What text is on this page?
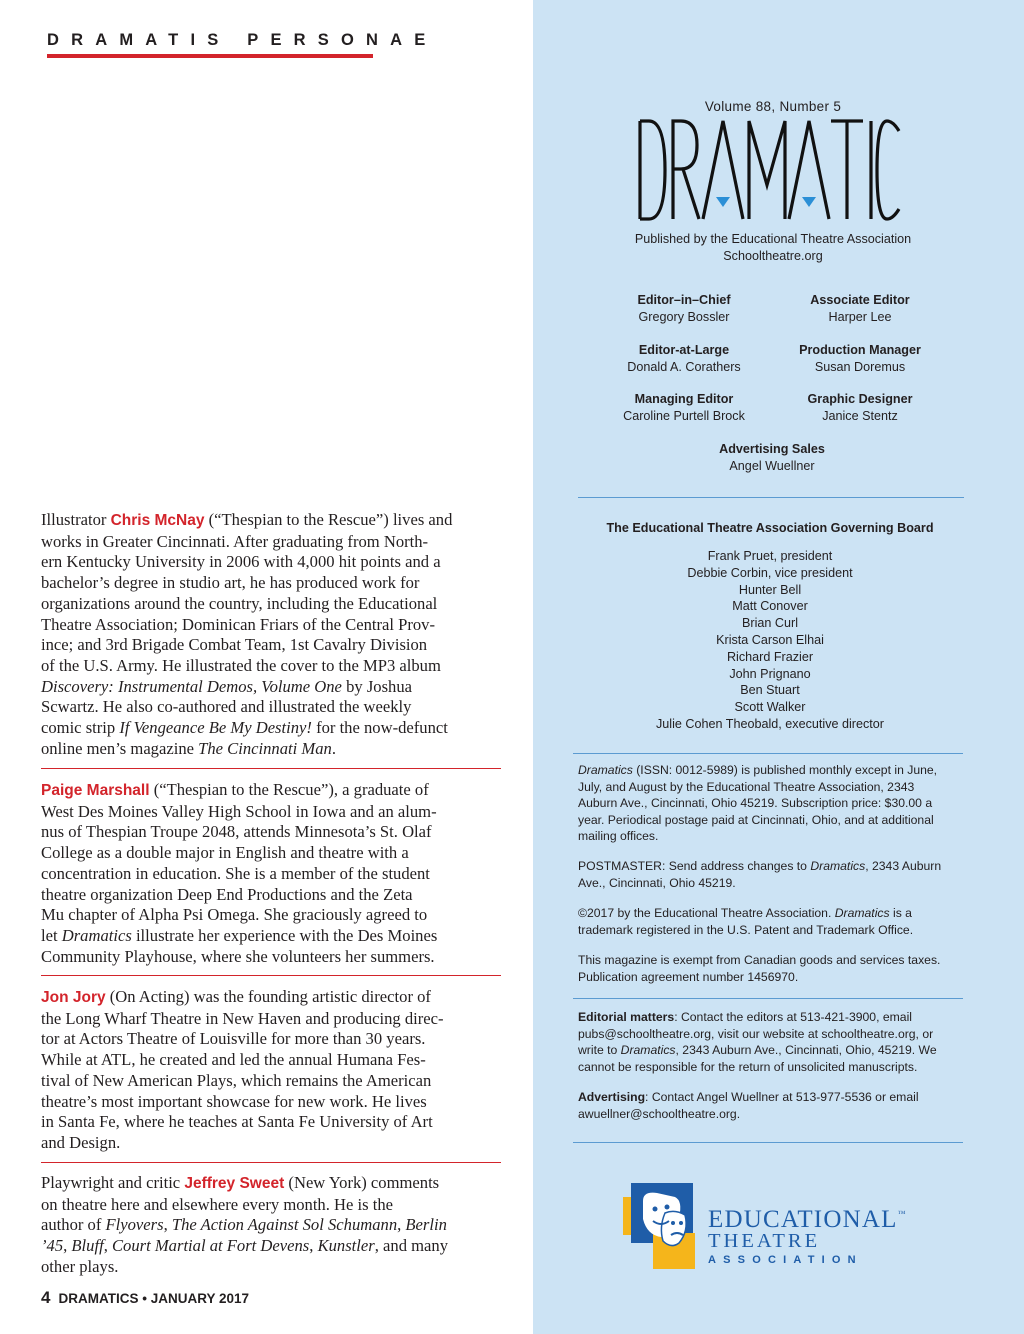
DRAMATIS PERSONAE
Illustrator Chris McNay (“Thespian to the Rescue”) lives and
works in Greater Cincinnati. After graduating from North-
ern Kentucky University in 2006 with 4,000 hit points and a
bachelor’s degree in studio art, he has produced work for
organizations around the country, including the Educational
Theatre Association; Dominican Friars of the Central Prov-
ince; and 3rd Brigade Combat Team, 1st Cavalry Division
of the U.S. Army. He illustrated the cover to the MP3 album
Discovery: Instrumental Demos, Volume One by Joshua
Scwartz. He also co-authored and illustrated the weekly
comic strip If Vengeance Be My Destiny! for the now-defunct
online men’s magazine The Cincinnati Man.
Paige Marshall (“Thespian to the Rescue”), a graduate of
West Des Moines Valley High School in Iowa and an alum-
nus of Thespian Troupe 2048, attends Minnesota’s St. Olaf
College as a double major in English and theatre with a
concentration in education. She is a member of the student
theatre organization Deep End Productions and the Zeta
Mu chapter of Alpha Psi Omega. She graciously agreed to
let Dramatics illustrate her experience with the Des Moines
Community Playhouse, where she volunteers her summers.
Jon Jory (On Acting) was the founding artistic director of
the Long Wharf Theatre in New Haven and producing direc-
tor at Actors Theatre of Louisville for more than 30 years.
While at ATL, he created and led the annual Humana Fes-
tival of New American Plays, which remains the American
theatre’s most important showcase for new work. He lives
in Santa Fe, where he teaches at Santa Fe University of Art
and Design.
Playwright and critic Jeffrey Sweet (New York) comments
on theatre here and elsewhere every month. He is the
author of Flyovers, The Action Against Sol Schumann, Berlin
’45, Bluff, Court Martial at Fort Devens, Kunstler, and many
other plays.
4 DRAMATICS • JANUARY 2017
Volume 88, Number 5
Published by the Educational Theatre Association
Schooltheatre.org
Editor–in–Chief
Gregory Bossler
Associate Editor
Harper Lee
Editor-at-Large
Donald A. Corathers
Production Manager
Susan Doremus
Managing Editor
Caroline Purtell Brock
Graphic Designer
Janice Stentz
Advertising Sales
Angel Wuellner
The Educational Theatre Association Governing Board
Frank Pruet, president
Debbie Corbin, vice president
Hunter Bell
Matt Conover
Brian Curl
Krista Carson Elhai
Richard Frazier
John Prignano
Ben Stuart
Scott Walker
Julie Cohen Theobald, executive director
Dramatics (ISSN: 0012-5989) is published monthly except in June,
July, and August by the Educational Theatre Association, 2343
Auburn Ave., Cincinnati, Ohio 45219. Subscription price: $30.00 a
year. Periodical postage paid at Cincinnati, Ohio, and at additional
mailing offices.
POSTMASTER: Send address changes to Dramatics, 2343 Auburn
Ave., Cincinnati, Ohio 45219.
©2017 by the Educational Theatre Association. Dramatics is a
trademark registered in the U.S. Patent and Trademark Office.
This magazine is exempt from Canadian goods and services taxes.
Publication agreement number 1456970.
Editorial matters: Contact the editors at 513-421-3900, email
pubs@schooltheatre.org, visit our website at schooltheatre.org, or
write to Dramatics, 2343 Auburn Ave., Cincinnati, Ohio, 45219. We
cannot be responsible for the return of unsolicited manuscripts.
Advertising: Contact Angel Wuellner at 513-977-5536 or email
awuellner@schooltheatre.org.
EDUCATIONAL™
THEATRE
ASSOCIATION
